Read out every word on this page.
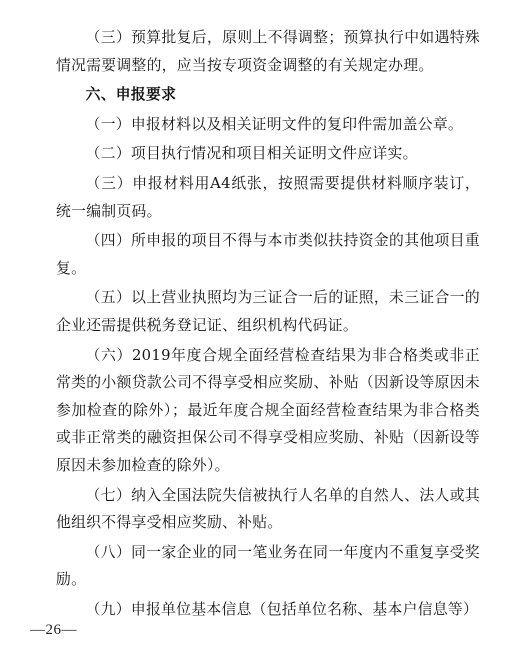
（三）预算批复后，原则上不得调整；预算执行中如遇特殊情况需要调整的，应当按专项资金调整的有关规定办理。

六、申报要求

（一）申报材料以及相关证明文件的复印件需加盖公章。

（二）项目执行情况和项目相关证明文件应详实。

（三）申报材料用A4纸张，按照需要提供材料顺序装订，统一编制页码。

（四）所申报的项目不得与本市类似扶持资金的其他项目重复。

（五）以上营业执照均为三证合一后的证照，未三证合一的企业还需提供税务登记证、组织机构代码证。

（六）2019年度合规全面经营检查结果为非合格类或非正常类的小额贷款公司不得享受相应奖励、补贴（因新设等原因未参加检查的除外）；最近年度合规全面经营检查结果为非合格类或非正常类的融资担保公司不得享受相应奖励、补贴（因新设等原因未参加检查的除外）。

（七）纳入全国法院失信被执行人名单的自然人、法人或其他组织不得享受相应奖励、补贴。

（八）同一家企业的同一笔业务在同一年度内不重复享受奖励。

（九）申报单位基本信息（包括单位名称、基本户信息等）

—26—
